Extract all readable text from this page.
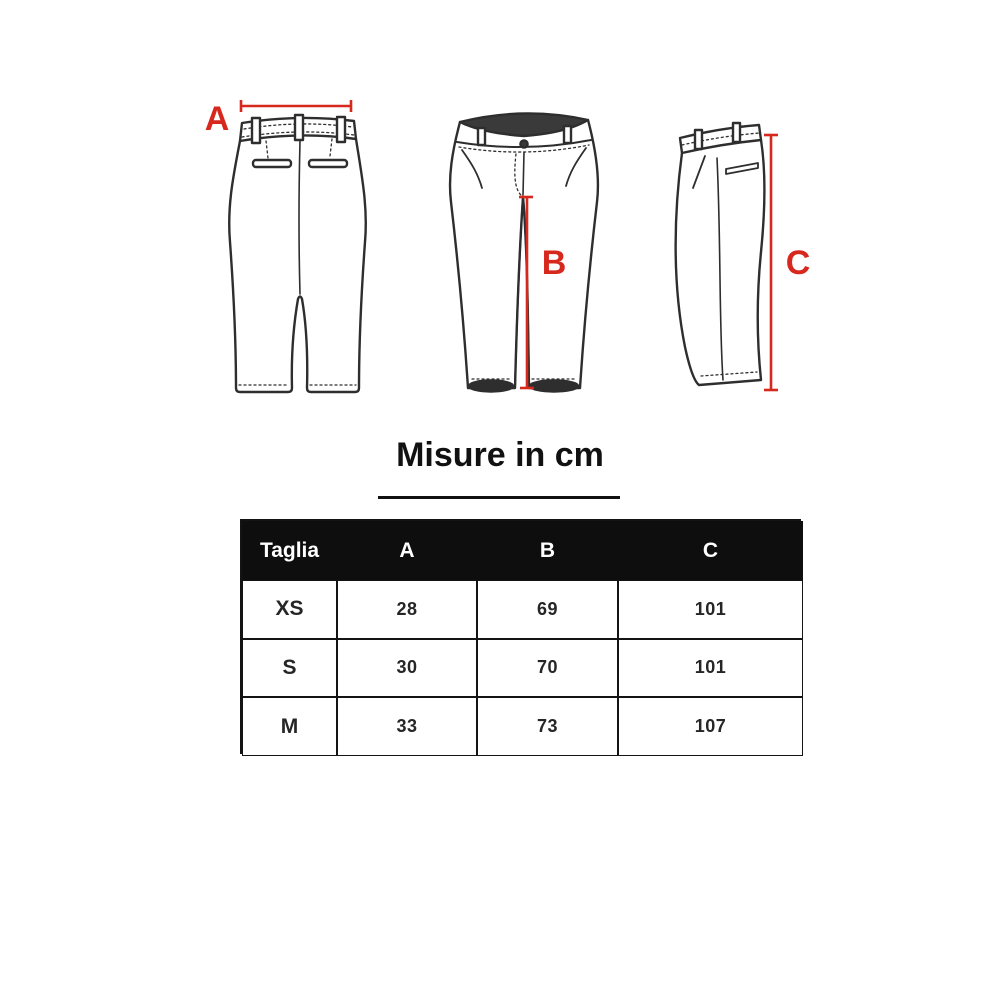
A
B	C
Misure in cm
Taglia	A	B	C
XS	28	69	101
S	30	70	101
M	33	73	107
